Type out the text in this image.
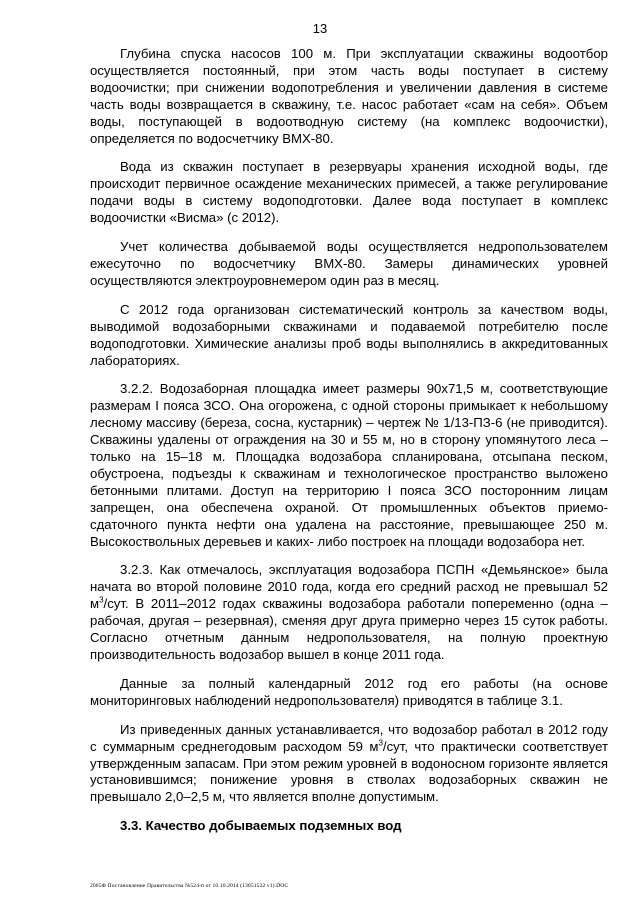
13

Глубина спуска насосов 100 м. При эксплуатации скважины водоотбор осуществляется постоянный, при этом часть воды поступает в систему водоочистки; при снижении водопотребления и увеличении давления в системе часть воды возвращается в скважину, т.е. насос работает «сам на себя». Объем воды, поступающей в водоотводную систему (на комплекс водоочистки), определяется по водосчетчику ВМХ-80.

Вода из скважин поступает в резервуары хранения исходной воды, где происходит первичное осаждение механических примесей, а также регулирование подачи воды в систему водоподготовки. Далее вода поступает в комплекс водоочистки «Висма» (с 2012).

Учет количества добываемой воды осуществляется недропользователем ежесуточно по водосчетчику ВМХ-80. Замеры динамических уровней осуществляются электроуровнемером один раз в месяц.

С 2012 года организован систематический контроль за качеством воды, выводимой водозаборными скважинами и подаваемой потребителю после водоподготовки. Химические анализы проб воды выполнялись в аккредитованных лабораториях.

3.2.2. Водозаборная площадка имеет размеры 90х71,5 м, соответствующие размерам I пояса ЗСО. Она огорожена, с одной стороны примыкает к небольшому лесному массиву (береза, сосна, кустарник) – чертеж № 1/13-ПЗ-6 (не приводится). Скважины удалены от ограждения на 30 и 55 м, но в сторону упомянутого леса – только на 15–18 м. Площадка водозабора спланирована, отсыпана песком, обустроена, подъезды к скважинам и технологическое пространство выложено бетонными плитами. Доступ на территорию I пояса ЗСО посторонним лицам запрещен, она обеспечена охраной. От промышленных объектов приемо-сдаточного пункта нефти она удалена на расстояние, превышающее 250 м. Высокоствольных деревьев и каких- либо построек на площади водозабора нет.

3.2.3. Как отмечалось, эксплуатация водозабора ПСПН «Демьянское» была начата во второй половине 2010 года, когда его средний расход не превышал 52 $м^3$/сут. В 2011–2012 годах скважины водозабора работали попеременно (одна – рабочая, другая – резервная), сменяя друг друга примерно через 15 суток работы. Согласно отчетным данным недропользователя, на полную проектную производительность водозабор вышел в конце 2011 года.

Данные за полный календарный 2012 год его работы (на основе мониторинговых наблюдений недропользователя) приводятся в таблице 3.1.

Из приведенных данных устанавливается, что водозабор работал в 2012 году с суммарным среднегодовым расходом 59 $м^3$/сут, что практически соответствует утвержденным запасам. При этом режим уровней в водоносном горизонте является установившимся; понижение уровня в стволах водозаборных скважин не превышало 2,0–2,5 м, что является вполне допустимым.

3.3. Качество добываемых подземных вод
2005Ф Постановление Правительства №524-п от 10.10.2014 (13051522 v1).DOC
